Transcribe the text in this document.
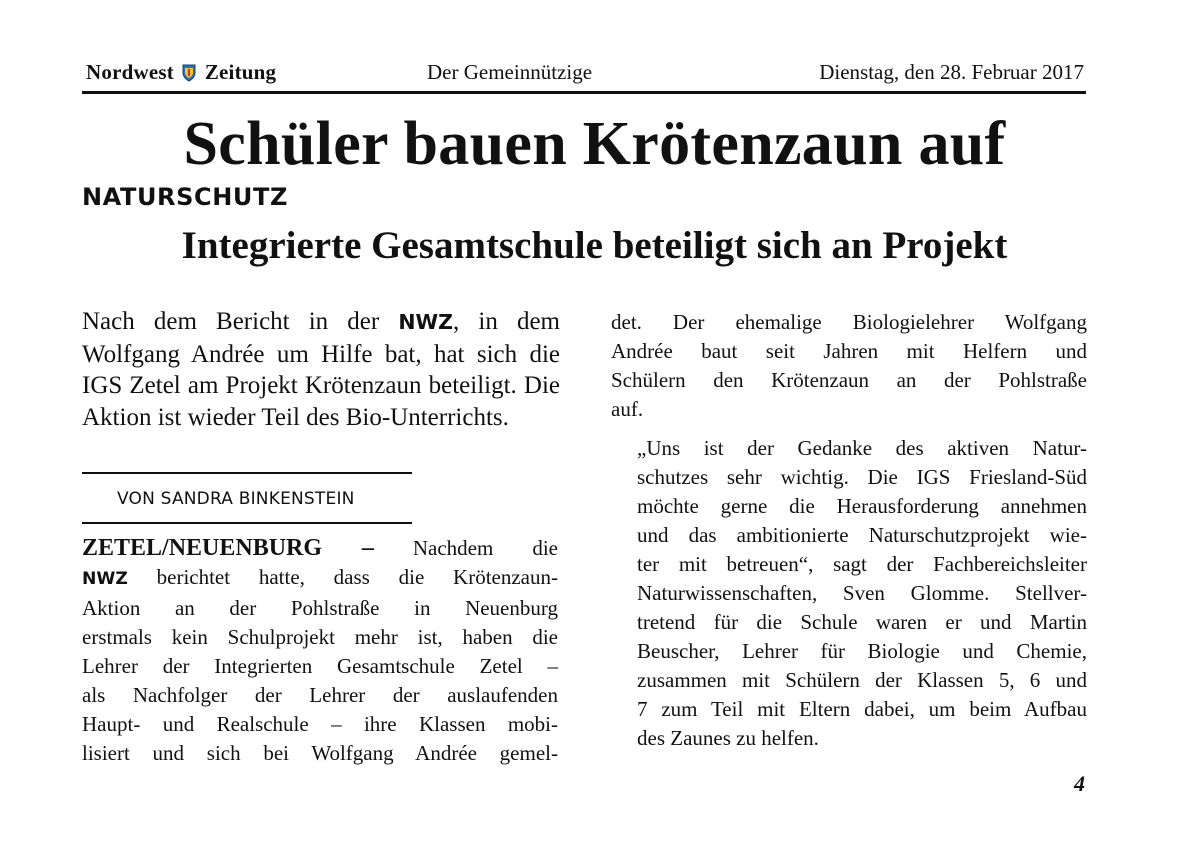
Nordwest Zeitung	Der Gemeinnützige	Dienstag, den 28. Februar 2017
Schüler bauen Krötenzaun auf
NATURSCHUTZ
Integrierte Gesamtschule beteiligt sich an Projekt
Nach dem Bericht in der NWZ, in dem Wolfgang Andrée um Hilfe bat, hat sich die IGS Zetel am Projekt Krötenzaun beteiligt. Die Aktion ist wieder Teil des Bio-Unterrichts.
VON SANDRA BINKENSTEIN
ZETEL/NEUENBURG – Nachdem die
NWZ berichtet hatte, dass die Krötenzaun-
Aktion an der Pohlstraße in Neuenburg
erstmals kein Schulprojekt mehr ist, haben die
Lehrer der Integrierten Gesamtschule Zetel –
als Nachfolger der Lehrer der auslaufenden
Haupt- und Realschule – ihre Klassen mobi-
lisiert und sich bei Wolfgang Andrée gemel-

det. Der ehemalige Biologielehrer Wolfgang
Andrée baut seit Jahren mit Helfern und
Schülern den Krötenzaun an der Pohlstraße
auf.

„Uns ist der Gedanke des aktiven Natur-
schutzes sehr wichtig. Die IGS Friesland-Süd
möchte gerne die Herausforderung annehmen
und das ambitionierte Naturschutzprojekt wie-
ter mit betreuen“, sagt der Fachbereichsleiter
Naturwissenschaften, Sven Glomme. Stellver-
tretend für die Schule waren er und Martin
Beuscher, Lehrer für Biologie und Chemie,
zusammen mit Schülern der Klassen 5, 6 und
7 zum Teil mit Eltern dabei, um beim Aufbau
des Zaunes zu helfen.

4
